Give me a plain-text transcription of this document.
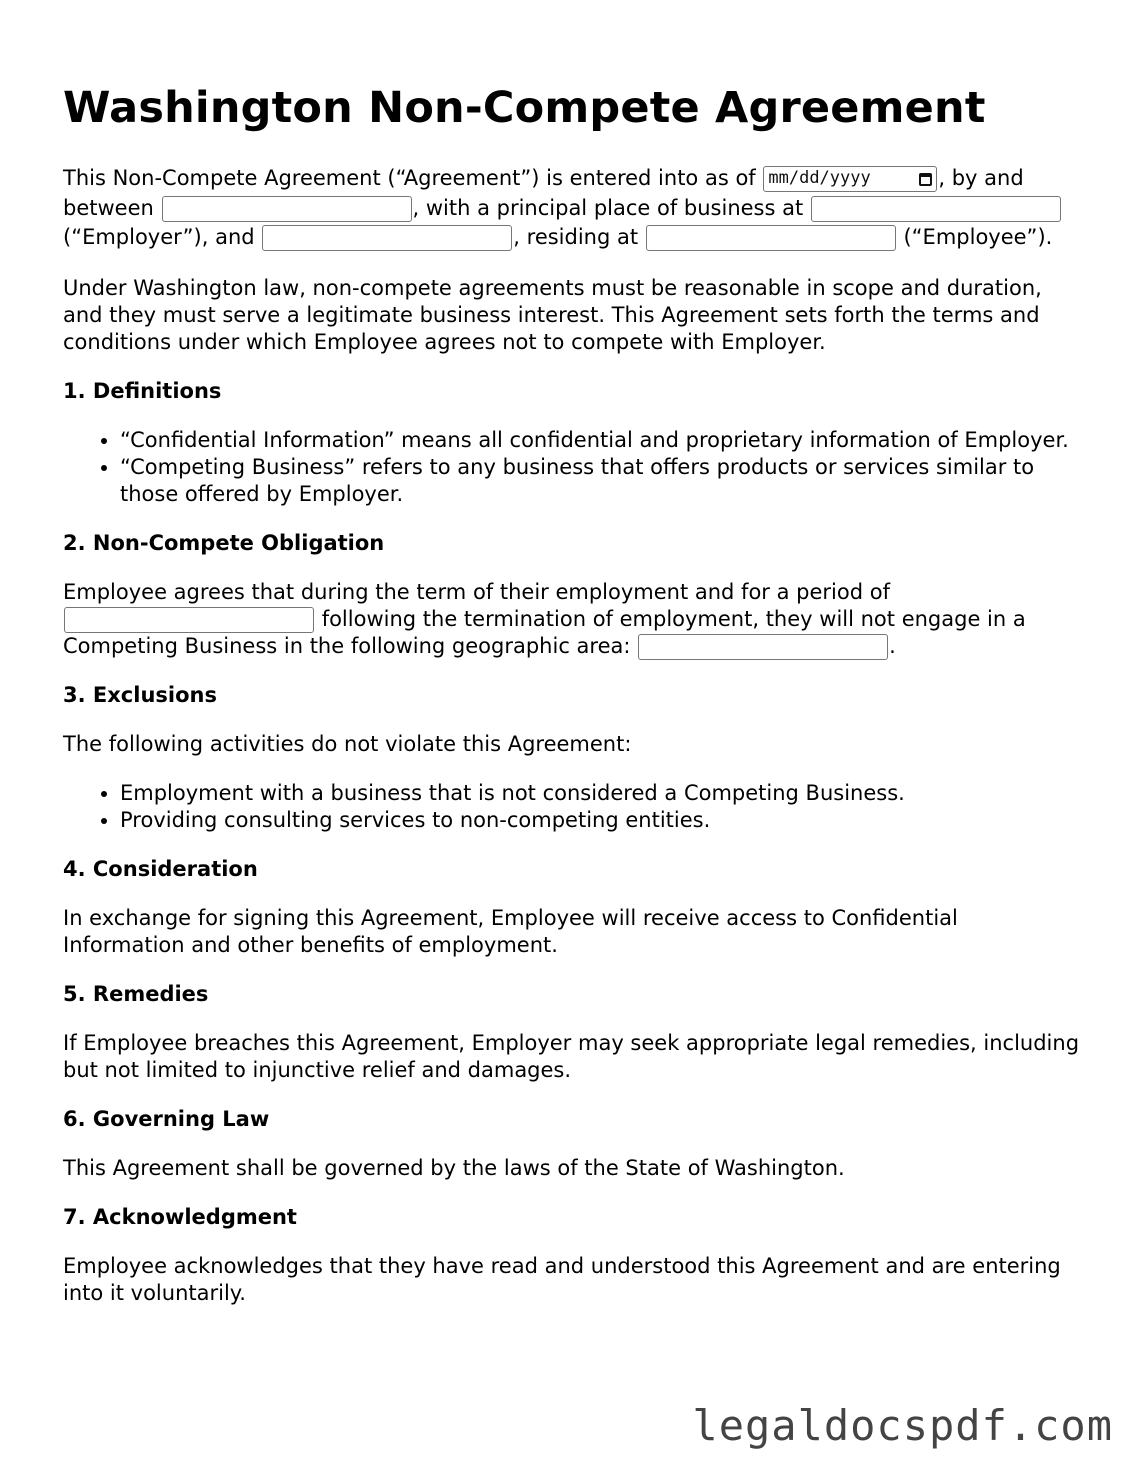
Washington Non-Compete Agreement

This Non-Compete Agreement (“Agreement”) is entered into as of mm/dd/yyyy	, by and between	, with a principal place of business at  (“Employer”), and	, residing at	(“Employee”).

Under Washington law, non-compete agreements must be reasonable in scope and duration, and they must serve a legitimate business interest. This Agreement sets forth the terms and conditions under which Employee agrees not to compete with Employer.

1. Definitions
• “Confidential Information” means all confidential and proprietary information of Employer.
• “Competing Business” refers to any business that offers products or services similar to those offered by Employer.
2. Non-Compete Obligation

Employee agrees that during the term of their employment and for a period of  following the termination of employment, they will not engage in a Competing Business in the following geographic area:	.

3. Exclusions

The following activities do not violate this Agreement:

• Employment with a business that is not considered a Competing Business.
• Providing consulting services to non-competing entities.
4. Consideration

In exchange for signing this Agreement, Employee will receive access to Confidential Information and other benefits of employment.

5. Remedies

If Employee breaches this Agreement, Employer may seek appropriate legal remedies, including but not limited to injunctive relief and damages.

6. Governing Law

This Agreement shall be governed by the laws of the State of Washington.

7. Acknowledgment

Employee acknowledges that they have read and understood this Agreement and are entering into it voluntarily.

legaldocspdf.com
